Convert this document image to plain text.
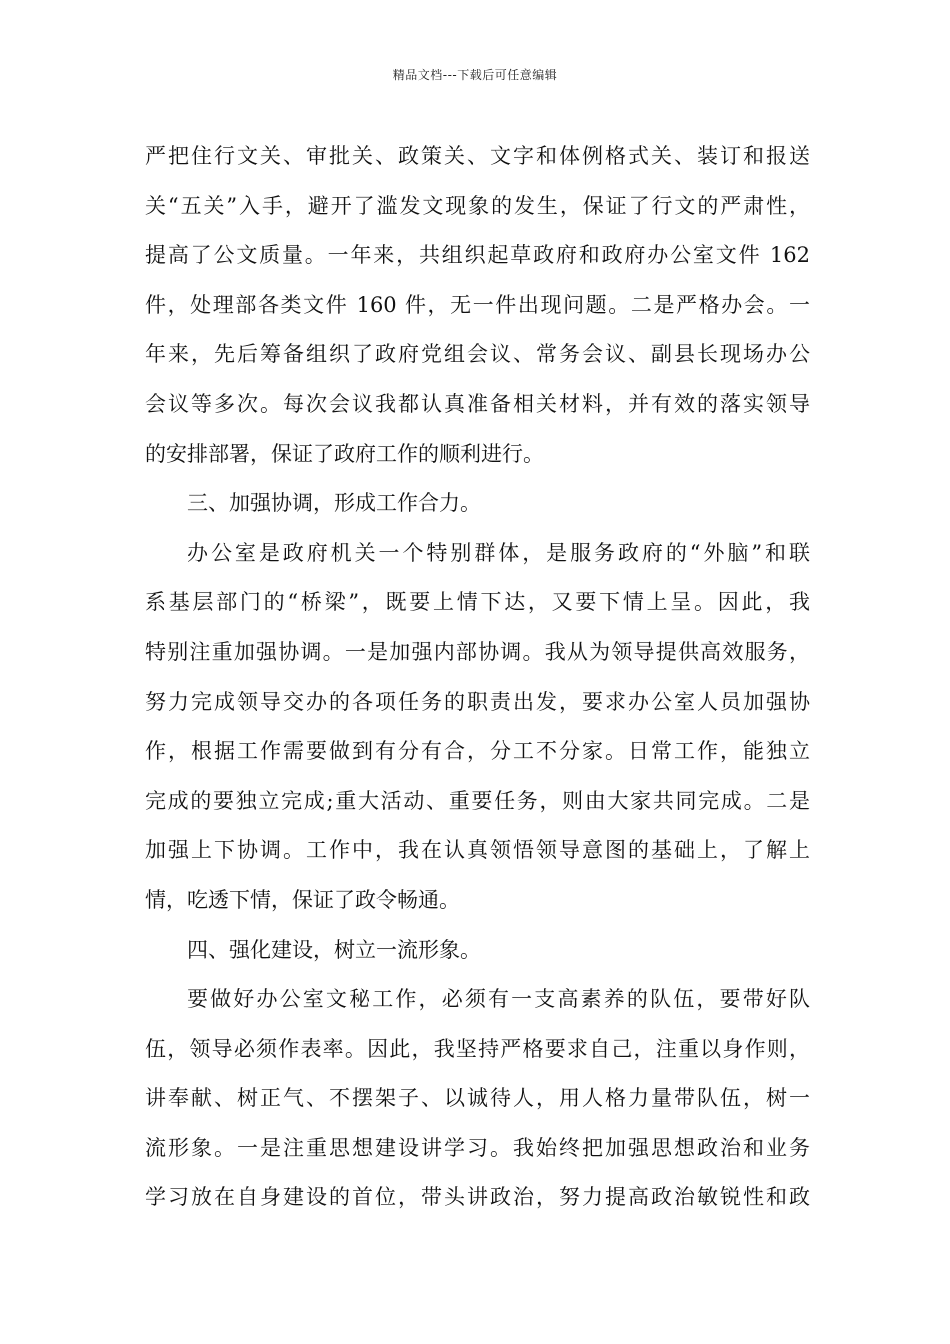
精品文档---下载后可任意编辑
严把住行文关、审批关、政策关、文字和体例格式关、装订和报送
关“五关”入手，避开了滥发文现象的发生，保证了行文的严肃性，
提高了公文质量。一年来，共组织起草政府和政府办公室文件 162
件，处理部各类文件 160 件，无一件出现问题。二是严格办会。一
年来，先后筹备组织了政府党组会议、常务会议、副县长现场办公
会议等多次。每次会议我都认真准备相关材料，并有效的落实领导
的安排部署，保证了政府工作的顺利进行。
三、加强协调，形成工作合力。
办公室是政府机关一个特别群体，是服务政府的“外脑”和联
系基层部门的“桥梁”，既要上情下达，又要下情上呈。因此，我
特别注重加强协调。一是加强内部协调。我从为领导提供高效服务，
努力完成领导交办的各项任务的职责出发，要求办公室人员加强协
作，根据工作需要做到有分有合，分工不分家。日常工作，能独立
完成的要独立完成;重大活动、重要任务，则由大家共同完成。二是
加强上下协调。工作中，我在认真领悟领导意图的基础上，了解上
情，吃透下情，保证了政令畅通。
四、强化建设，树立一流形象。
要做好办公室文秘工作，必须有一支高素养的队伍，要带好队
伍，领导必须作表率。因此，我坚持严格要求自己，注重以身作则，
讲奉献、树正气、不摆架子、以诚待人，用人格力量带队伍，树一
流形象。一是注重思想建设讲学习。我始终把加强思想政治和业务
学习放在自身建设的首位，带头讲政治，努力提高政治敏锐性和政
